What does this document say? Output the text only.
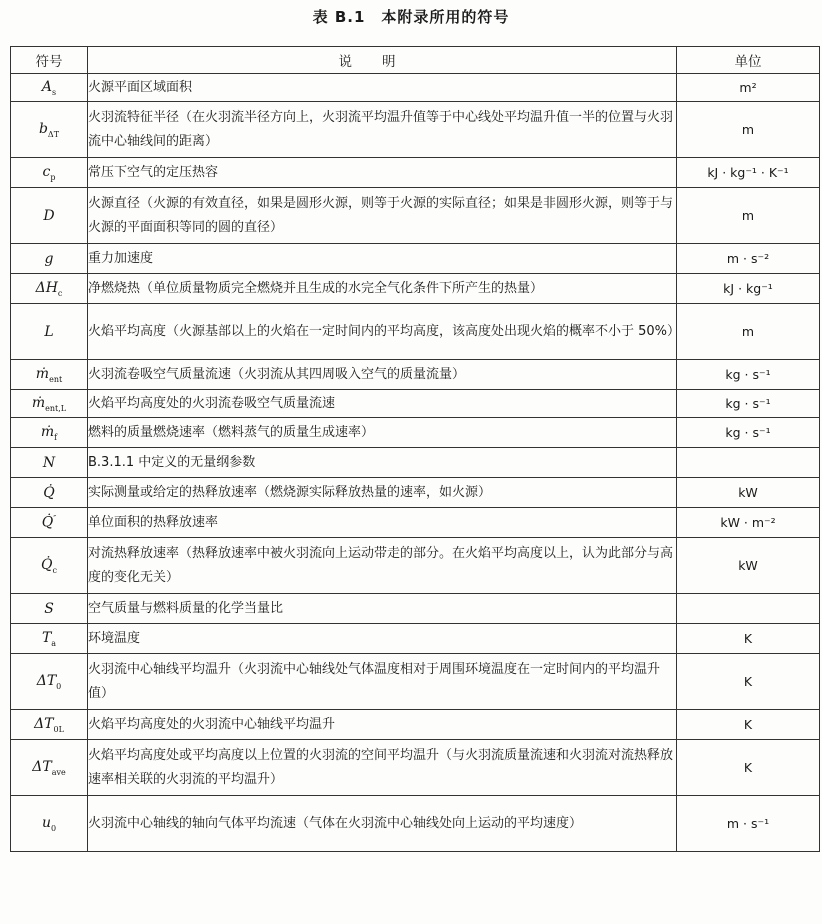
表 B.1　本附录所用的符号
符号	说明	单位
$A_s$	火源平面区域面积	m²
$b_{\Delta T}$	火羽流特征半径（在火羽流半径方向上，火羽流平均温升值等于中心线处平均温升值一半的位置与火羽流中心轴线间的距离）	m
$c_p$	常压下空气的定压热容	kJ · kg⁻¹ · K⁻¹
D	火源直径（火源的有效直径，如果是圆形火源，则等于火源的实际直径；如果是非圆形火源，则等于与火源的平面面积等同的圆的直径）	m
g	重力加速度	m · s⁻²
$\Delta H_c$	净燃烧热（单位质量物质完全燃烧并且生成的水完全气化条件下所产生的热量）	kJ · kg⁻¹
L	火焰平均高度（火源基部以上的火焰在一定时间内的平均高度，该高度处出现火焰的概率不小于 50%）	m
ṁ$_{ent}$	火羽流卷吸空气质量流速（火羽流从其四周吸入空气的质量流量）	kg · s⁻¹
ṁ$_{ent,L}$	火焰平均高度处的火羽流卷吸空气质量流速	kg · s⁻¹
ṁ$_f$	燃料的质量燃烧速率（燃料蒸气的质量生成速率）	kg · s⁻¹
N	B.3.1.1 中定义的无量纲参数	
Q̇	实际测量或给定的热释放速率（燃烧源实际释放热量的速率，如火源）	kW
Q̇″	单位面积的热释放速率	kW · m⁻²
$Q̇_c$	对流热释放速率（热释放速率中被火羽流向上运动带走的部分。在火焰平均高度以上，认为此部分与高度的变化无关）	kW
S	空气质量与燃料质量的化学当量比	
$T_a$	环境温度	K
$\Delta T_0$	火羽流中心轴线平均温升（火羽流中心轴线处气体温度相对于周围环境温度在一定时间内的平均温升值）	K
$\Delta T_{0L}$	火焰平均高度处的火羽流中心轴线平均温升	K
$\Delta T_{ave}$	火焰平均高度处或平均高度以上位置的火羽流的空间平均温升（与火羽流质量流速和火羽流对流热释放速率相关联的火羽流的平均温升）	K
$u_0$	火羽流中心轴线的轴向气体平均流速（气体在火羽流中心轴线处向上运动的平均速度）	m · s⁻¹
